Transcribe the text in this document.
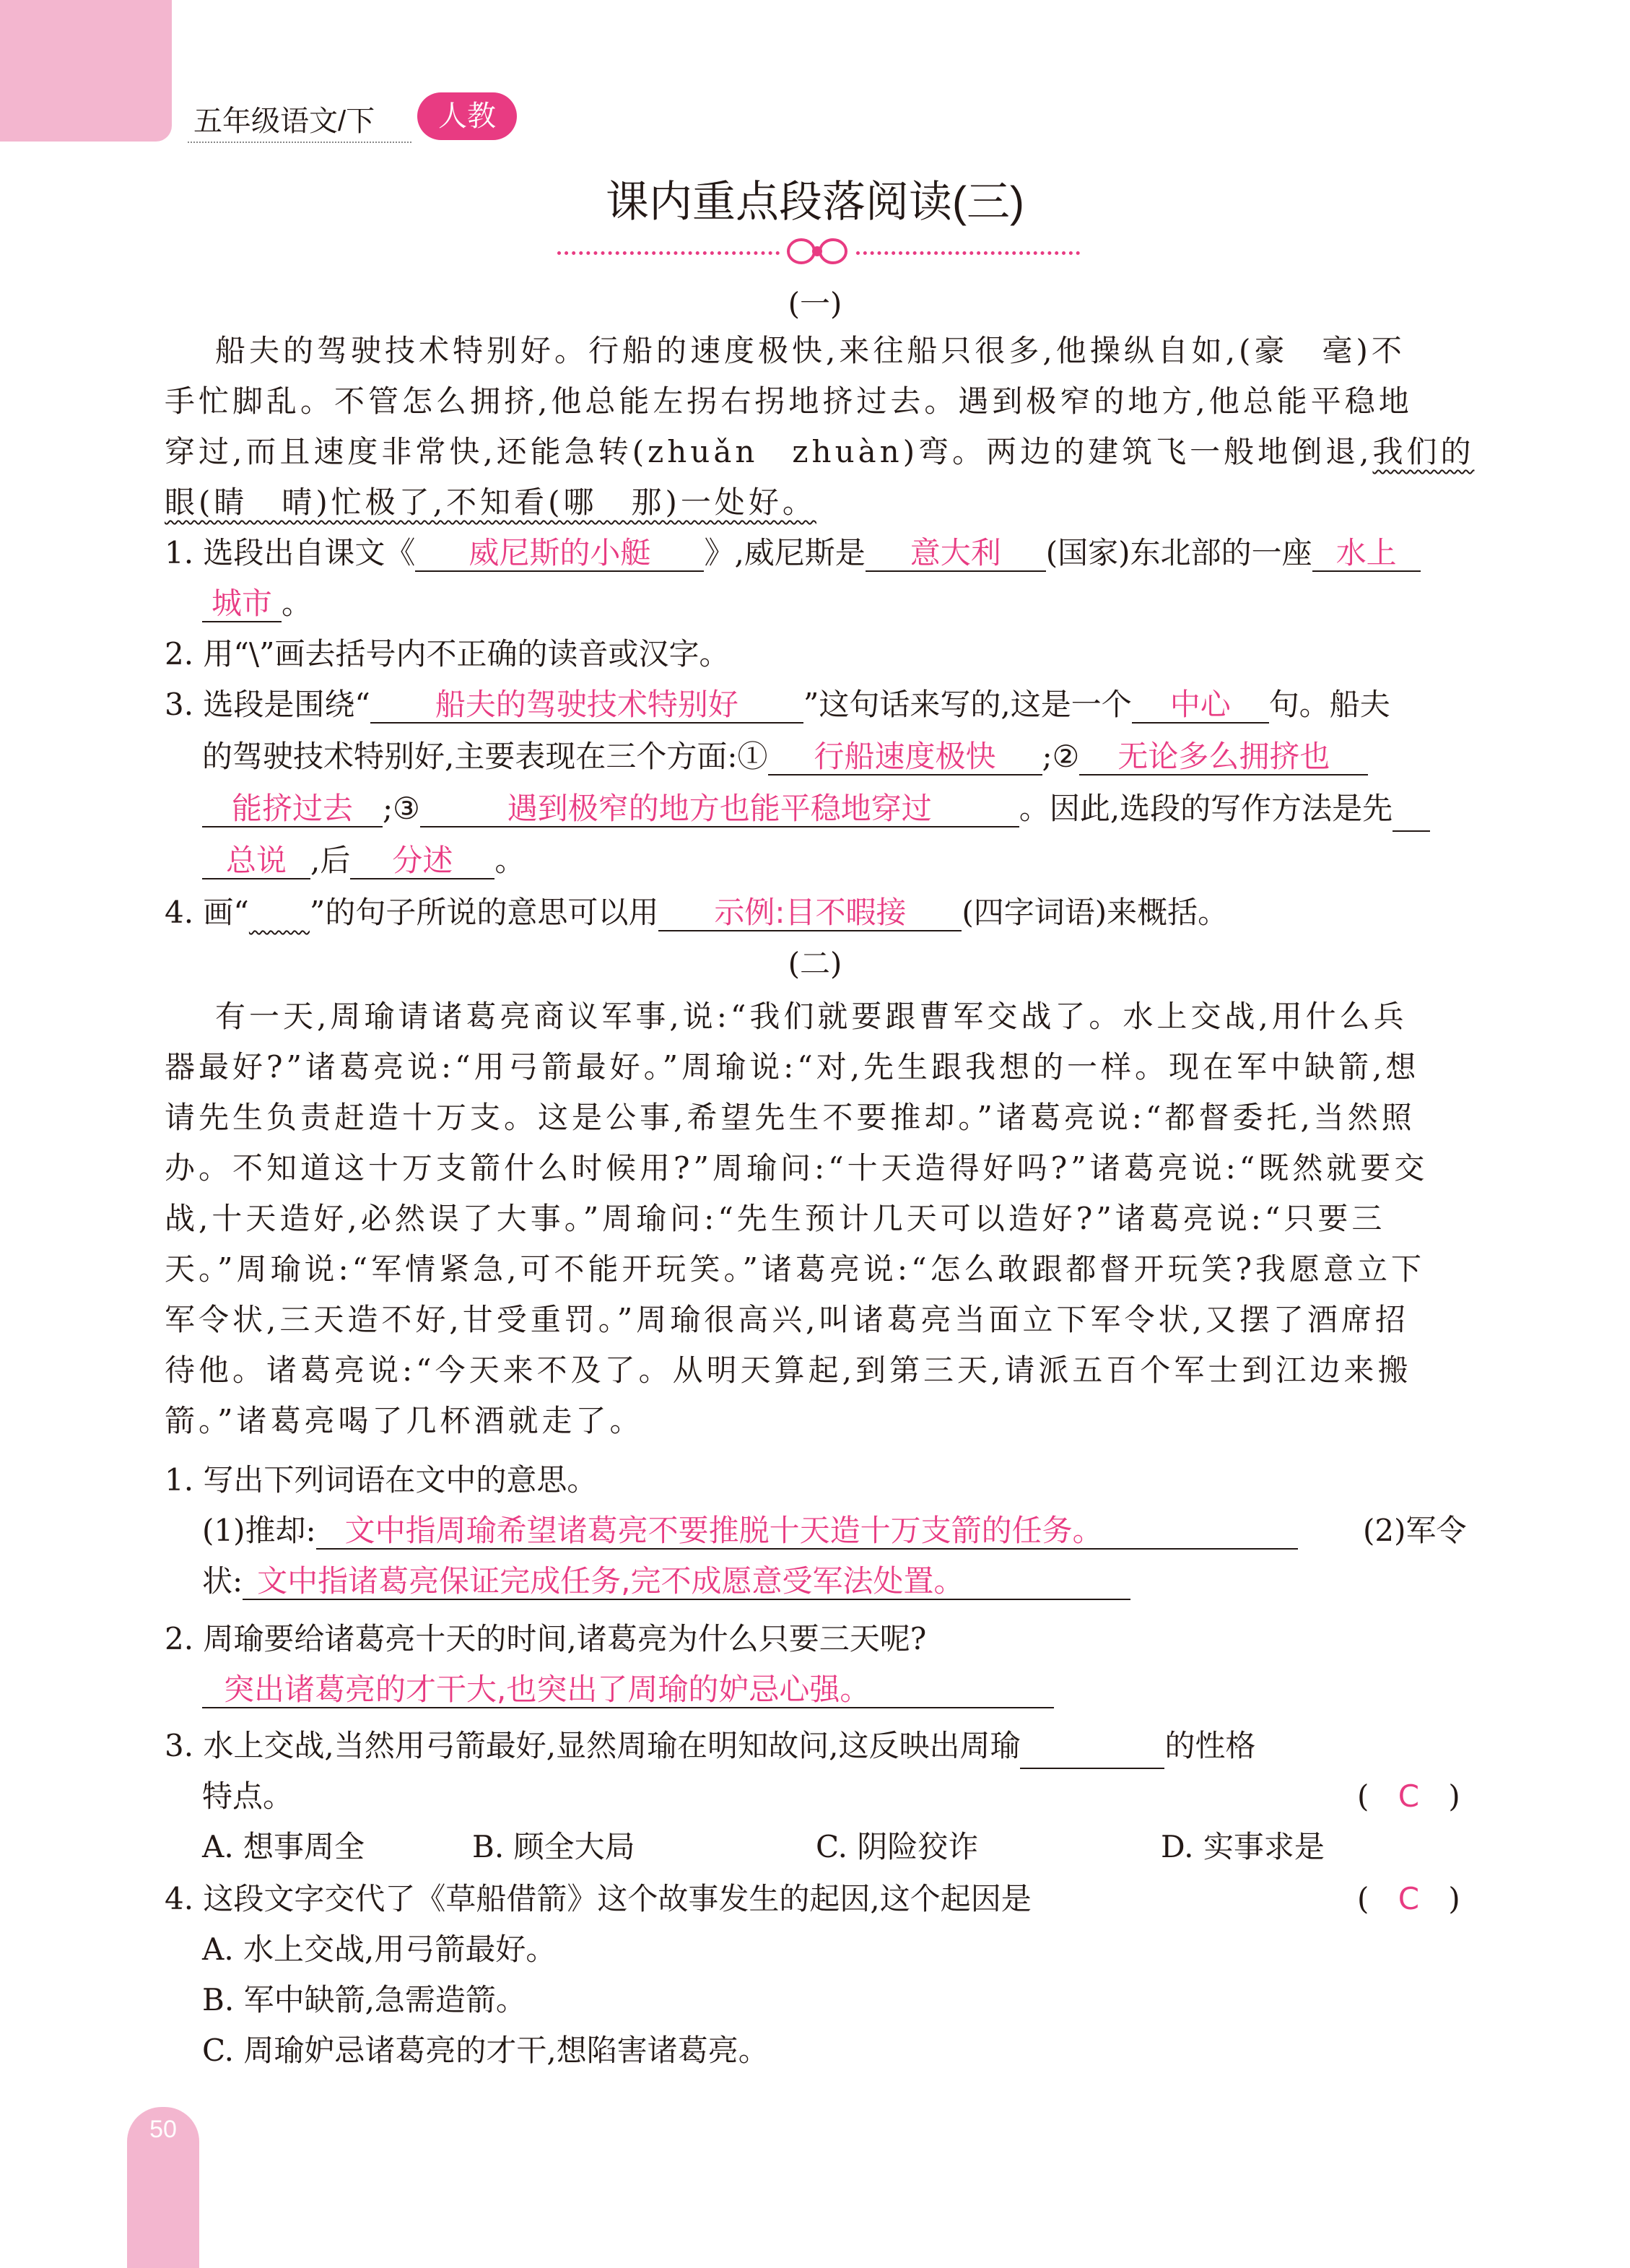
50
五年级语文/下	人教
课内重点段落阅读(三)
(一)
船夫的驾驶技术特别好。行船的速度极快,来往船只很多,他操纵自如,(豪　毫)不
手忙脚乱。不管怎么拥挤,他总能左拐右拐地挤过去。遇到极窄的地方,他总能平稳地
穿过,而且速度非常快,还能急转(zhuǎn　zhuàn)弯。两边的建筑飞一般地倒退,我们的
眼(睛　晴)忙极了,不知看(哪　那)一处好。
1. 选段出自课文《 威尼斯的小艇 》,威尼斯是 意大利 (国家)东北部的一座 水上
城市 。
2. 用“\”画去括号内不正确的读音或汉字。
3. 选段是围绕“ 船夫的驾驶技术特别好 ”这句话来写的,这是一个 中心 句。船夫
的驾驶技术特别好,主要表现在三个方面:① 行船速度极快 ;② 无论多么拥挤也
能挤过去 ;③	遇到极窄的地方也能平稳地穿过	。因此,选段的写作方法是先
总说 ,后 分述 。
4. 画“　　 ”的句子所说的意思可以用 示例:目不暇接 (四字词语)来概括。
(二)
有一天,周瑜请诸葛亮商议军事,说:“我们就要跟曹军交战了。水上交战,用什么兵
器最好?”诸葛亮说:“用弓箭最好。”周瑜说:“对,先生跟我想的一样。现在军中缺箭,想
请先生负责赶造十万支。这是公事,希望先生不要推却。”诸葛亮说:“都督委托,当然照
办。不知道这十万支箭什么时候用?”周瑜问:“十天造得好吗?”诸葛亮说:“既然就要交
战,十天造好,必然误了大事。”周瑜问:“先生预计几天可以造好?”诸葛亮说:“只要三
天。”周瑜说:“军情紧急,可不能开玩笑。”诸葛亮说:“怎么敢跟都督开玩笑?我愿意立下
军令状,三天造不好,甘受重罚。”周瑜很高兴,叫诸葛亮当面立下军令状,又摆了酒席招
待他。诸葛亮说:“今天来不及了。从明天算起,到第三天,请派五百个军士到江边来搬
箭。”诸葛亮喝了几杯酒就走了。
1. 写出下列词语在文中的意思。
(1)推却: 文中指周瑜希望诸葛亮不要推脱十天造十万支箭的任务。	(2)军令
状: 文中指诸葛亮保证完成任务,完不成愿意受军法处置。
2. 周瑜要给诸葛亮十天的时间,诸葛亮为什么只要三天呢?
突出诸葛亮的才干大,也突出了周瑜的妒忌心强。
3. 水上交战,当然用弓箭最好,显然周瑜在明知故问,这反映出周瑜	的性格
特点。	( C )
A. 想事周全	B. 顾全大局	C. 阴险狡诈	D. 实事求是
4. 这段文字交代了《草船借箭》这个故事发生的起因,这个起因是	( C )
A. 水上交战,用弓箭最好。
B. 军中缺箭,急需造箭。
C. 周瑜妒忌诸葛亮的才干,想陷害诸葛亮。
